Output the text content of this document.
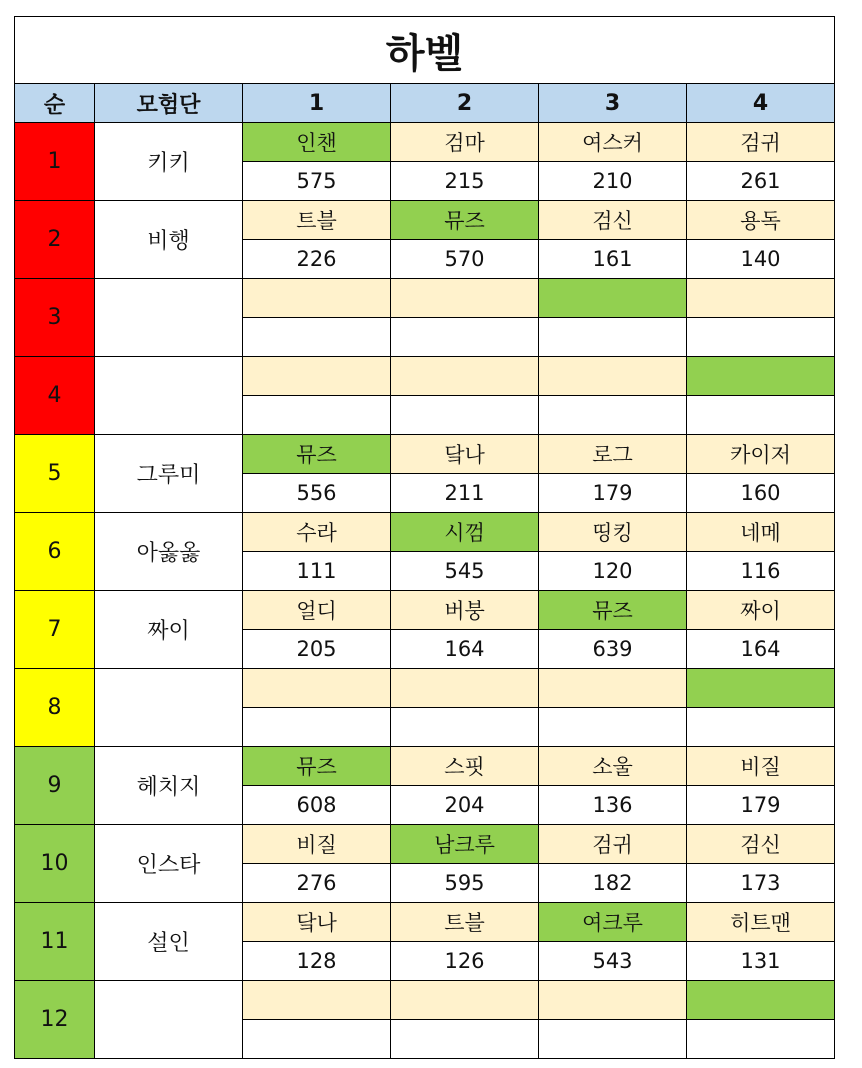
하벨					
순	모험단	1	2	3	4
1	키키	인챈	검마	여스커	검귀
		575	215	210	261
2	비행	트블	뮤즈	검신	용독
		226	570	161	140
3					

4					

5	그루미	뮤즈	닼나	로그	카이저
		556	211	179	160
6	아옳옳	수라	시껌	띵킹	네메
		111	545	120	116
7	짜이	얼디	버붕	뮤즈	짜이
		205	164	639	164
8					

9	헤치지	뮤즈	스핏	소울	비질
		608	204	136	179
10	인스타	비질	남크루	검귀	검신
		276	595	182	173
11	설인	닼나	트블	여크루	히트맨
		128	126	543	131
12					
